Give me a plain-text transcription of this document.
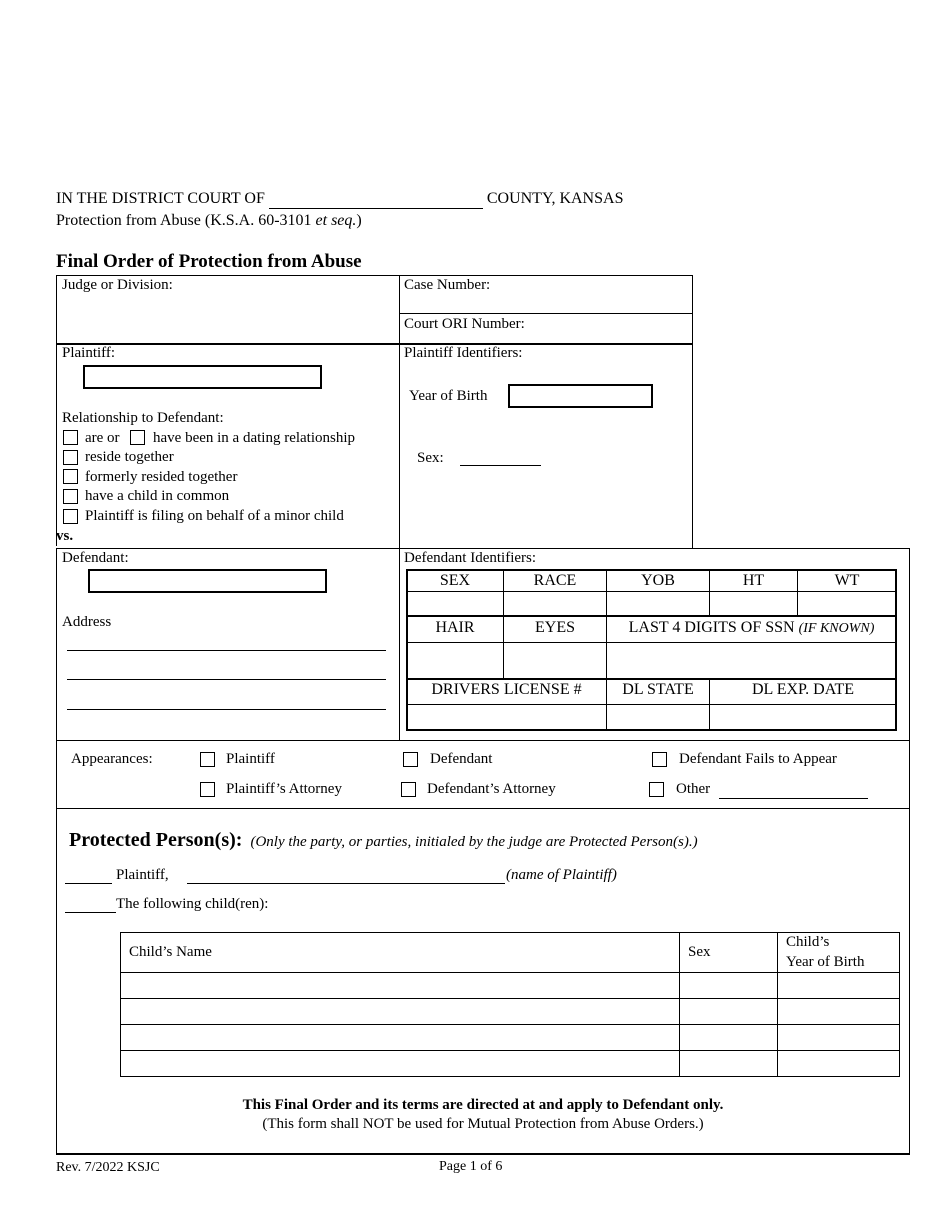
IN THE DISTRICT COURT OF	COUNTY, KANSAS
Protection from Abuse (K.S.A. 60-3101 et seq.)
Final Order of Protection from Abuse
Judge or Division:	Case Number:
Court ORI Number:
Plaintiff:
Relationship to Defendant:
are or have been in a dating relationship
reside together
formerly resided together
have a child in common
Plaintiff is filing on behalf of a minor child
vs.
Plaintiff Identifiers:
Year of Birth
Sex:
Defendant:
Address
Defendant Identifiers:
SEX	RACE	YOB	HT	WT
HAIR	EYES	LAST 4 DIGITS OF SSN (IF KNOWN)
DRIVERS LICENSE #	DL STATE	DL EXP. DATE
Appearances:	Plaintiff	Defendant	Defendant Fails to Appear
Plaintiff’s Attorney	Defendant’s Attorney	Other
Protected Person(s): (Only the party, or parties, initialed by the judge are Protected Person(s).)
Plaintiff,	(name of Plaintiff)
The following child(ren):
Child’s Name	Sex
Child’s
Year of Birth
This Final Order and its terms are directed at and apply to Defendant only.
(This form shall NOT be used for Mutual Protection from Abuse Orders.)
Rev. 7/2022 KSJC	Page 1 of 6
